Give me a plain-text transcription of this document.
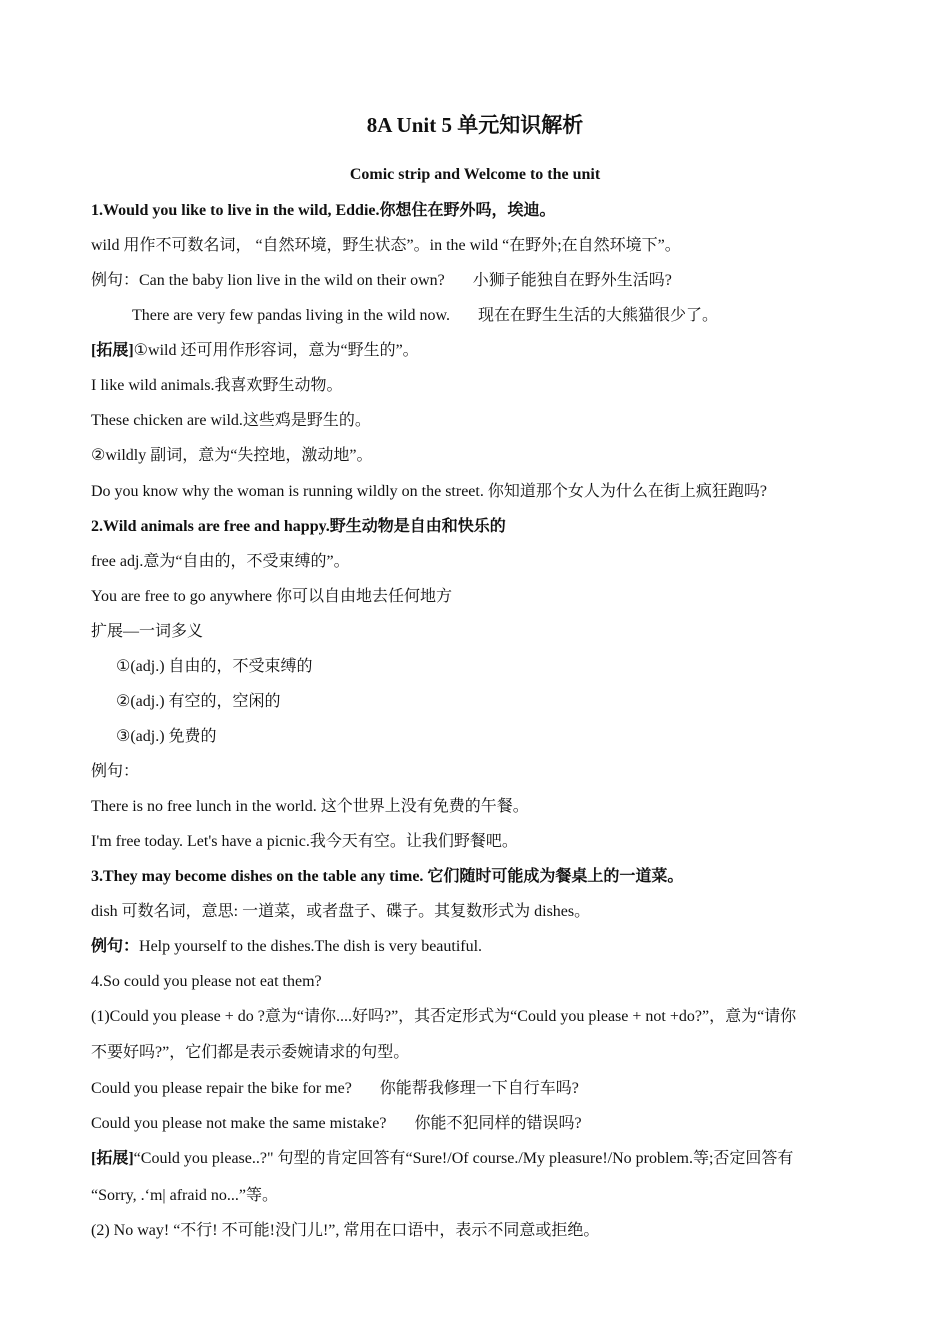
8A Unit 5 单元知识解析
Comic strip and Welcome to the unit
1.Would you like to live in the wild, Eddie.你想住在野外吗，埃迪。
wild 用作不可数名词， “自然环境，野生状态”。in the wild “在野外;在自然环境下”。
例句：Can the baby lion live in the wild on their own? 小狮子能独自在野外生活吗?
There are very few pandas living in the wild now. 现在在野生生活的大熊猫很少了。
[拓展]①wild 还可用作形容词，意为“野生的”。
I like wild animals.我喜欢野生动物。
These chicken are wild.这些鸡是野生的。
②wildly 副词，意为“失控地，激动地”。
Do you know why the woman is running wildly on the street. 你知道那个女人为什么在街上疯狂跑吗?
2.Wild animals are free and happy.野生动物是自由和快乐的
free adj.意为“自由的，不受束缚的”。
You are free to go anywhere 你可以自由地去任何地方
扩展—一词多义
①(adj.) 自由的，不受束缚的
②(adj.) 有空的，空闲的
③(adj.) 免费的
例句：
There is no free lunch in the world. 这个世界上没有免费的午餐。
I'm free today. Let's have a picnic.我今天有空。让我们野餐吧。
3.They may become dishes on the table any time. 它们随时可能成为餐桌上的一道菜。
dish 可数名词，意思: 一道菜，或者盘子、碟子。其复数形式为 dishes。
例句：Help yourself to the dishes.The dish is very beautiful.
4.So could you please not eat them?
(1)Could you please + do ?意为“请你....好吗?”，其否定形式为“Could you please + not +do?”，意为“请你
不要好吗?”，它们都是表示委婉请求的句型。
Could you please repair the bike for me? 你能帮我修理一下自行车吗?
Could you please not make the same mistake? 你能不犯同样的错误吗?
[拓展]“Could you please..?" 句型的肯定回答有“Sure!/Of course./My pleasure!/No problem.等;否定回答有
“Sorry, .‘m| afraid no...”等。
(2) No way! “不行! 不可能!没门儿!”, 常用在口语中，表示不同意或拒绝。
